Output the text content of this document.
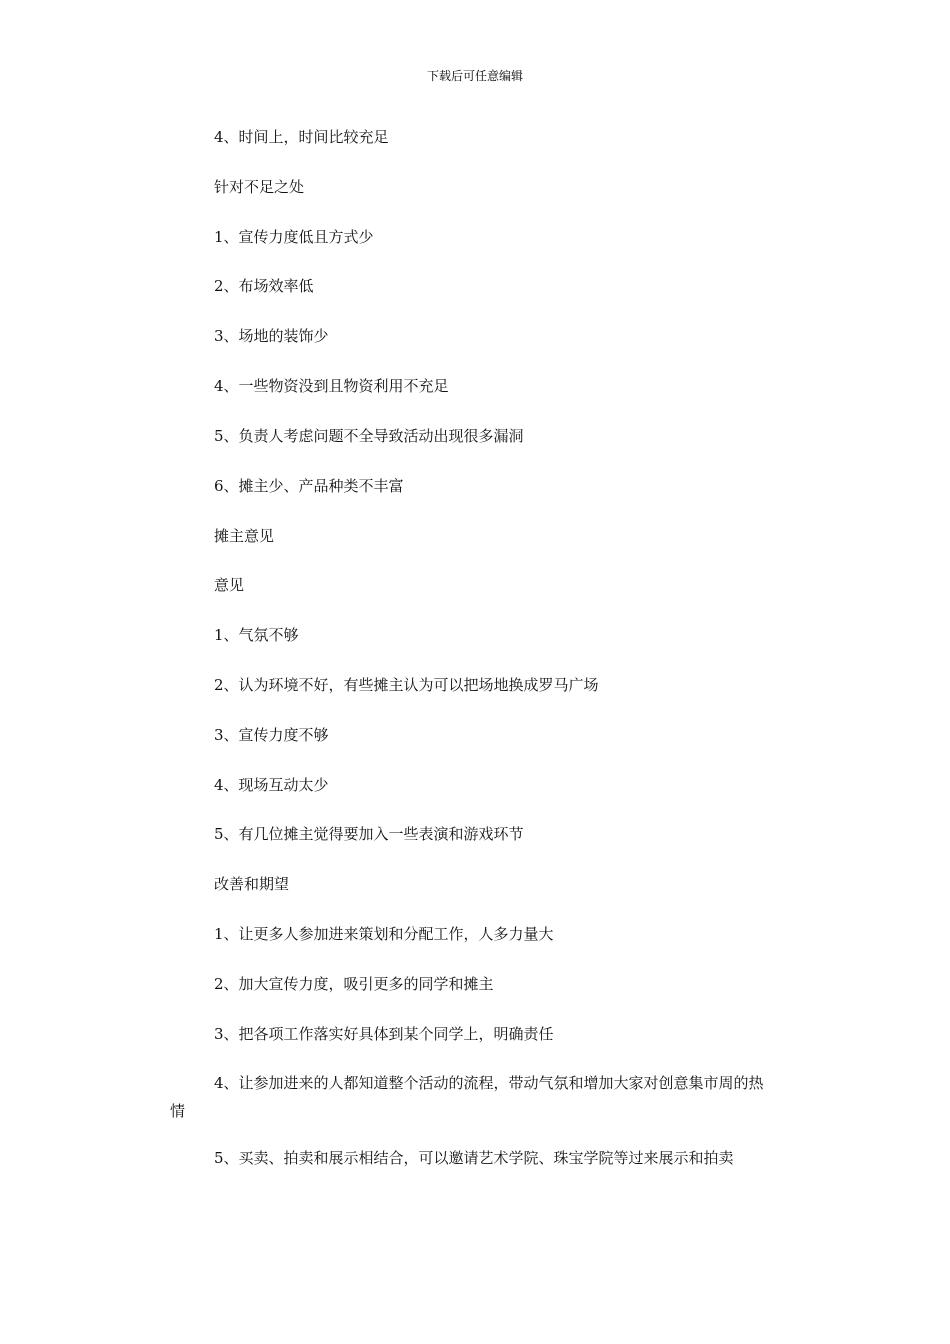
下载后可任意编辑
4、时间上，时间比较充足
针对不足之处
1、宣传力度低且方式少
2、布场效率低
3、场地的装饰少
4、一些物资没到且物资利用不充足
5、负责人考虑问题不全导致活动出现很多漏洞
6、摊主少、产品种类不丰富
摊主意见
意见
1、气氛不够
2、认为环境不好，有些摊主认为可以把场地换成罗马广场
3、宣传力度不够
4、现场互动太少
5、有几位摊主觉得要加入一些表演和游戏环节
改善和期望
1、让更多人参加进来策划和分配工作，人多力量大
2、加大宣传力度，吸引更多的同学和摊主
3、把各项工作落实好具体到某个同学上，明确责任
4、让参加进来的人都知道整个活动的流程，带动气氛和增加大家对创意集市周的热情
5、买卖、拍卖和展示相结合，可以邀请艺术学院、珠宝学院等过来展示和拍卖
